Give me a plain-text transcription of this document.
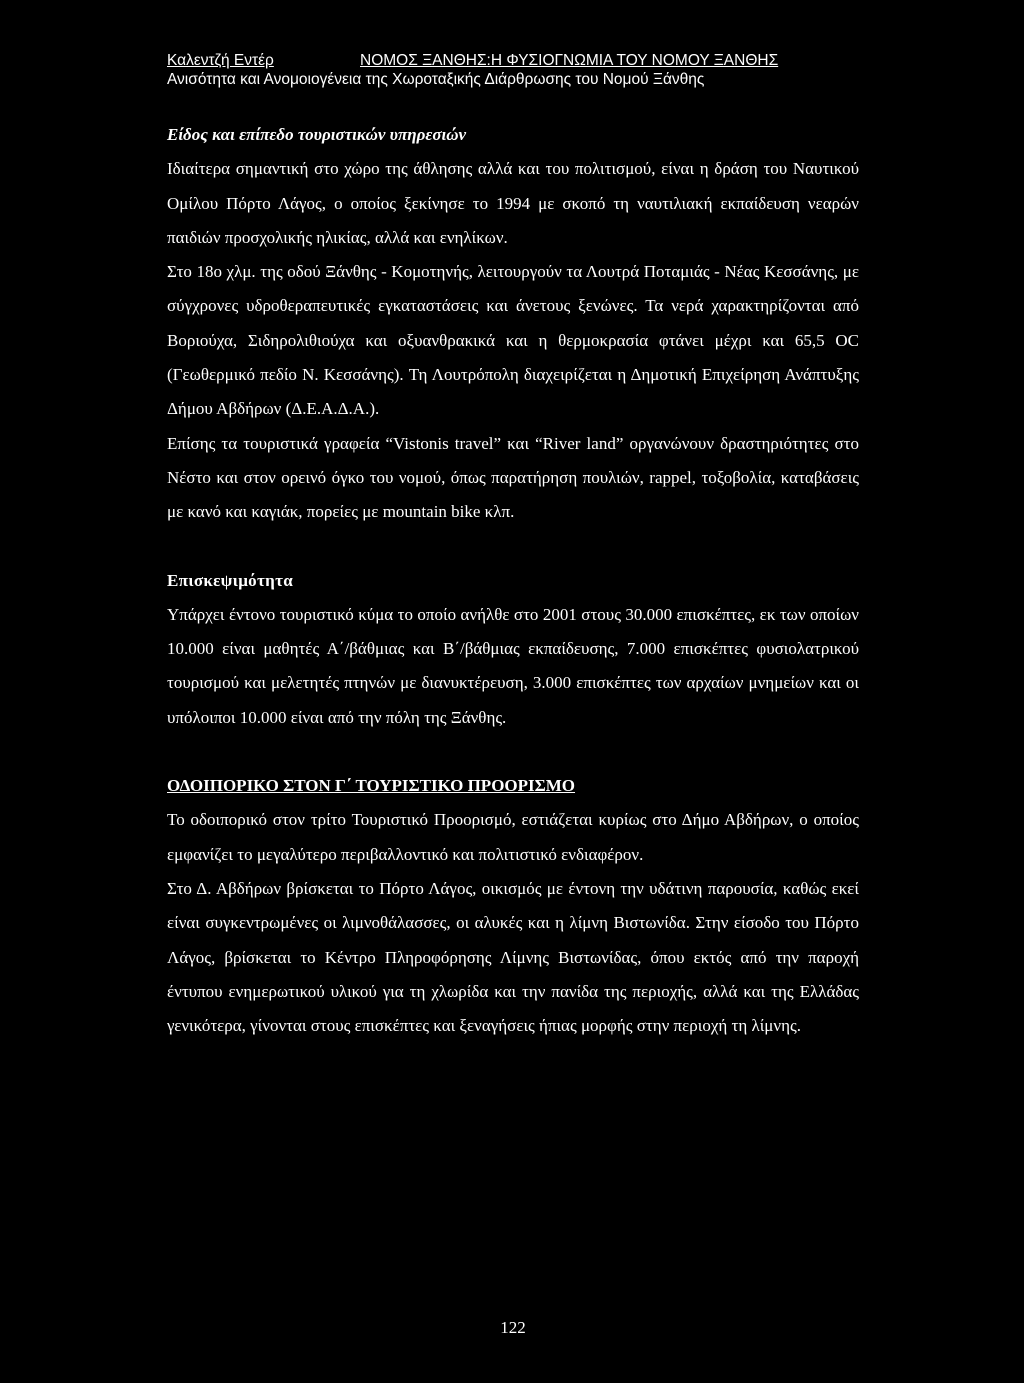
Καλεντζή Εντέρ	ΝΟΜΟΣ ΞΑΝΘΗΣ:Η ΦΥΣΙΟΓΝΩΜΙΑ ΤΟΥ ΝΟΜΟΥ ΞΑΝΘΗΣ
Ανισότητα και Ανομοιογένεια της Χωροταξικής Διάρθρωσης του Νομού Ξάνθης

Είδος και επίπεδο τουριστικών υπηρεσιών

Ιδιαίτερα σημαντική στο χώρο της άθλησης αλλά και του πολιτισμού, είναι η δράση του Ναυτικού Ομίλου Πόρτο Λάγος, ο οποίος ξεκίνησε το 1994 με σκοπό τη ναυτιλιακή εκπαίδευση νεαρών παιδιών προσχολικής ηλικίας, αλλά και ενηλίκων.

Στο 18ο χλμ. της οδού Ξάνθης - Κομοτηνής, λειτουργούν τα Λουτρά Ποταμιάς - Νέας Κεσσάνης, με σύγχρονες υδροθεραπευτικές εγκαταστάσεις και άνετους ξενώνες. Τα νερά χαρακτηρίζονται από Βοριούχα, Σιδηρολιθιούχα και οξυανθρακικά και η θερμοκρασία φτάνει μέχρι και 65,5 OC (Γεωθερμικό πεδίο Ν. Κεσσάνης). Τη Λουτρόπολη διαχειρίζεται η Δημοτική Επιχείρηση Ανάπτυξης Δήμου Αβδήρων (Δ.Ε.Α.Δ.Α.).

Επίσης τα τουριστικά γραφεία “Vistonis travel” και “River land” οργανώνουν δραστηριότητες στο Νέστο και στον ορεινό όγκο του νομού, όπως παρατήρηση πουλιών, rappel, τοξοβολία, καταβάσεις με κανό και καγιάκ, πορείες με mountain bike κλπ.

Επισκεψιμότητα

Υπάρχει έντονο τουριστικό κύμα το οποίο ανήλθε στο 2001 στους 30.000 επισκέπτες, εκ των οποίων 10.000 είναι μαθητές Α΄/βάθμιας και Β΄/βάθμιας εκπαίδευσης, 7.000 επισκέπτες φυσιολατρικού τουρισμού και μελετητές πτηνών με διανυκτέρευση, 3.000 επισκέπτες των αρχαίων μνημείων και οι υπόλοιποι 10.000 είναι από την πόλη της Ξάνθης.

ΟΔΟΙΠΟΡΙΚΟ ΣΤΟΝ Γ΄ ΤΟΥΡΙΣΤΙΚΟ ΠΡΟΟΡΙΣΜΟ

Το οδοιπορικό στον τρίτο Τουριστικό Προορισμό, εστιάζεται κυρίως στο Δήμο Αβδήρων, ο οποίος εμφανίζει το μεγαλύτερο περιβαλλοντικό και πολιτιστικό ενδιαφέρον.

Στο Δ. Αβδήρων βρίσκεται το Πόρτο Λάγος, οικισμός με έντονη την υδάτινη παρουσία, καθώς εκεί είναι συγκεντρωμένες οι λιμνοθάλασσες, οι αλυκές και η λίμνη Βιστωνίδα. Στην είσοδο του Πόρτο Λάγος, βρίσκεται το Κέντρο Πληροφόρησης Λίμνης Βιστωνίδας, όπου εκτός από την παροχή έντυπου ενημερωτικού υλικού για τη χλωρίδα και την πανίδα της περιοχής, αλλά και της Ελλάδας γενικότερα, γίνονται στους επισκέπτες και ξεναγήσεις ήπιας μορφής στην περιοχή τη λίμνης.

122
